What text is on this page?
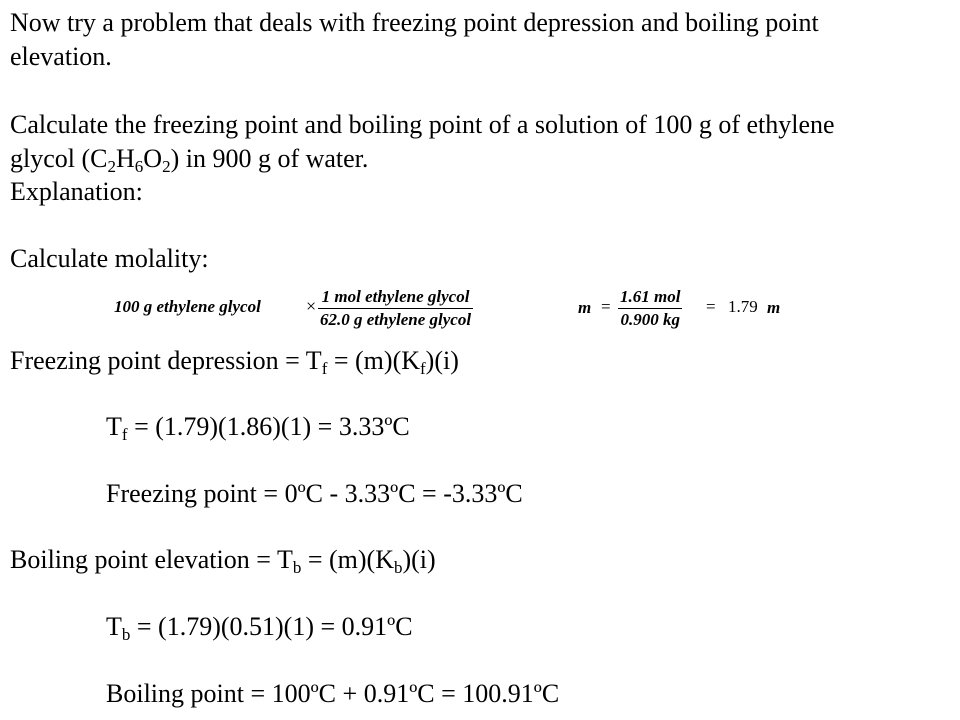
Now try a problem that deals with freezing point depression and boiling point
elevation.
Calculate the freezing point and boiling point of a solution of 100 g of ethylene
glycol $(C_2H_6O_2)$ in 900 g of water.
Explanation:
Calculate molality:
100 g ethylene glycol	× 1 mol ethylene glycol
62.0 g ethylene glycol
m =
1.61 mol
0.900 kg
= 1.79 m
Freezing point depression = $T_f = (m)(K_f)(i)$
$T_f = (1.79)(1.86)(1)$ = 3.33ºC
Freezing point = 0ºC - 3.33ºC = -3.33ºC
Boiling point elevation = $T_b = (m)(K_b)(i)$
$T_b = (1.79)(0.51)(1)$ = 0.91ºC
Boiling point = 100ºC + 0.91ºC = 100.91ºC
